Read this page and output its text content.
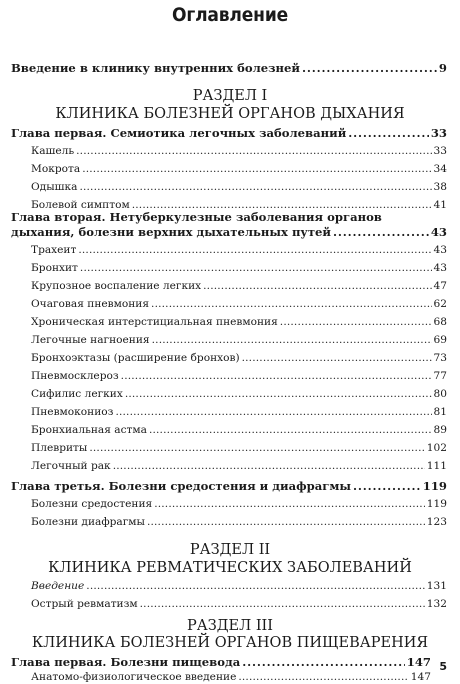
Оглавление
Введение в клинику внутренних болезней . . .	9
РАЗДЕЛ I
КЛИНИКА БОЛЕЗНЕЙ ОРГАНОВ ДЫХАНИЯ
Глава первая. Семиотика легочных заболеваний . . .	33
Кашель . . .	33
Мокрота . . .	34
Одышка . . .	38
Болевой симптом . . .	41
Глава вторая. Нетуберкулезные заболевания органов
дыхания, болезни верхних дыхательных путей . . .	43
Трахеит . . .	43
Бронхит . . .	43
Крупозное воспаление легких . . .	47
Очаговая пневмония . . .	62
Хроническая интерстициальная пневмония . . .	68
Легочные нагноения . . .	69
Бронхоэктазы (расширение бронхов) . . .	73
Пневмосклероз . . .	77
Сифилис легких . . .	80
Пневмокониоз . . .	81
Бронхиальная астма . . .	89
Плевриты . . .	102
Легочный рак . . .	111
Глава третья. Болезни средостения и диафрагмы . . .	119
Болезни средостения . . .	119
Болезни диафрагмы . . .	123
РАЗДЕЛ II
КЛИНИКА РЕВМАТИЧЕСКИХ ЗАБОЛЕВАНИЙ
Введение . . .	131
Острый ревматизм . . .	132
РАЗДЕЛ III
КЛИНИКА БОЛЕЗНЕЙ ОРГАНОВ ПИЩЕВАРЕНИЯ
Глава первая. Болезни пищевода . . .	147
Анатомо-физиологическое введение . . .	147
5
